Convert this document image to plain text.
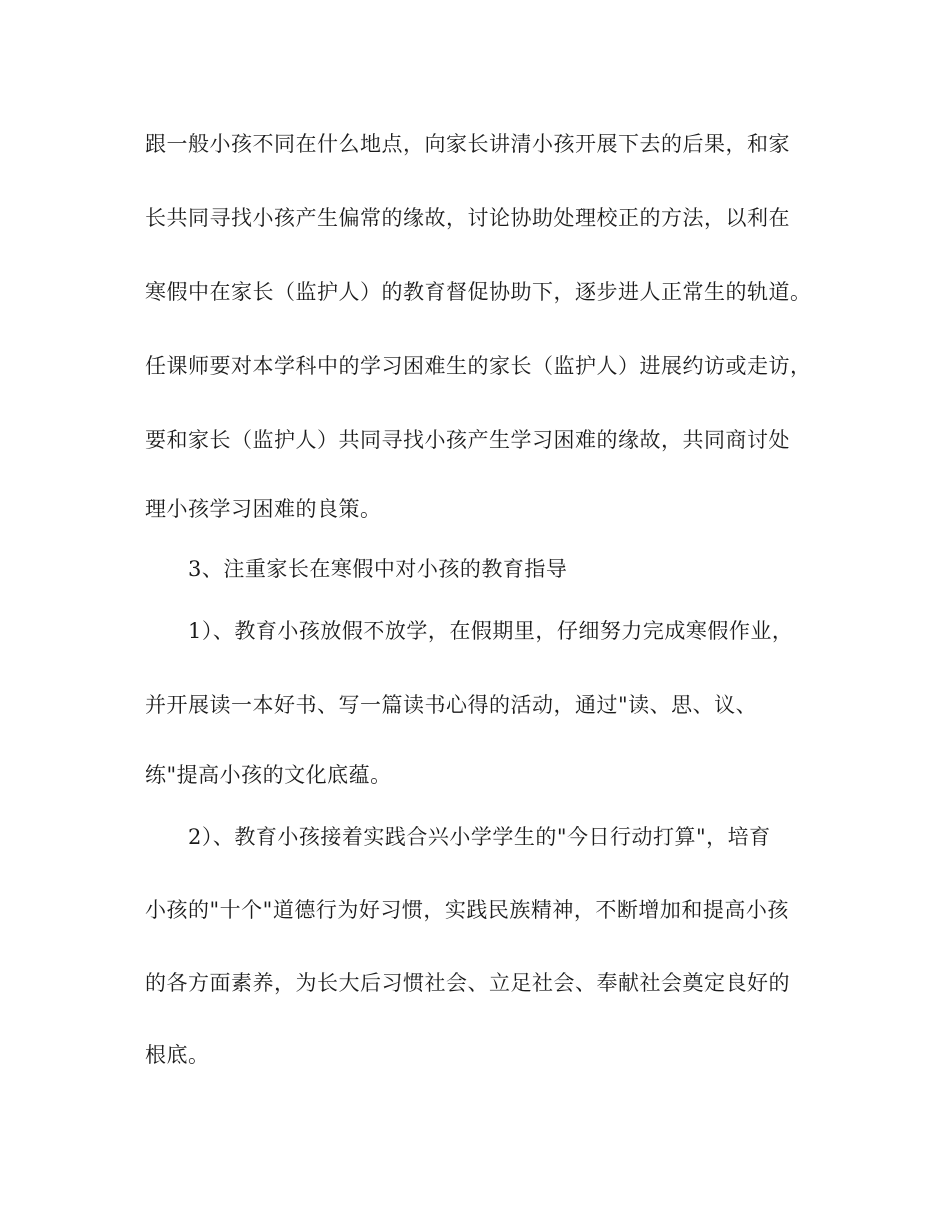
跟一般小孩不同在什么地点，向家长讲清小孩开展下去的后果，和家
长共同寻找小孩产生偏常的缘故，讨论协助处理校正的方法，以利在
寒假中在家长（监护人）的教育督促协助下，逐步进人正常生的轨道。
任课师要对本学科中的学习困难生的家长（监护人）进展约访或走访，
要和家长（监护人）共同寻找小孩产生学习困难的缘故，共同商讨处
理小孩学习困难的良策。
3、注重家长在寒假中对小孩的教育指导
1）、教育小孩放假不放学，在假期里，仔细努力完成寒假作业，
并开展读一本好书、写一篇读书心得的活动，通过"读、思、议、
练"提高小孩的文化底蕴。
2）、教育小孩接着实践合兴小学学生的"今日行动打算"，培育
小孩的"十个"道德行为好习惯，实践民族精神，不断增加和提高小孩
的各方面素养，为长大后习惯社会、立足社会、奉献社会奠定良好的
根底。
